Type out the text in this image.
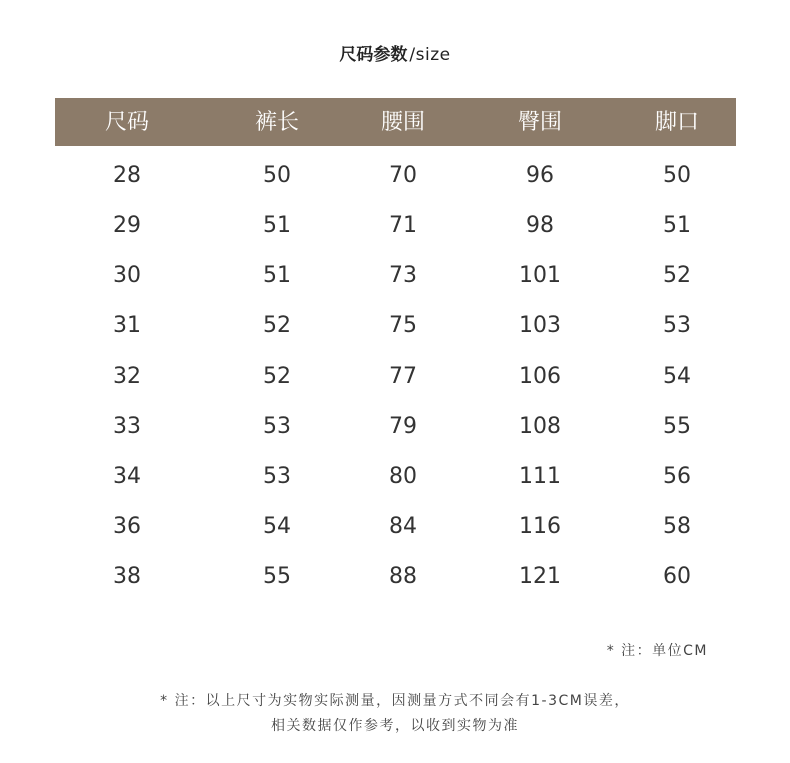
尺码参数 /size
尺码	裤长	腰围	臀围	脚口
28	50	70	96	50
29	51	71	98	51
30	51	73	101	52
31	52	75	103	53
32	52	77	106	54
33	53	79	108	55
34	53	80	111	56
36	54	84	116	58
38	55	88	121	60
* 注：单位CM
* 注：以上尺寸为实物实际测量，因测量方式不同会有1-3CM误差，
相关数据仅作参考，以收到实物为准
